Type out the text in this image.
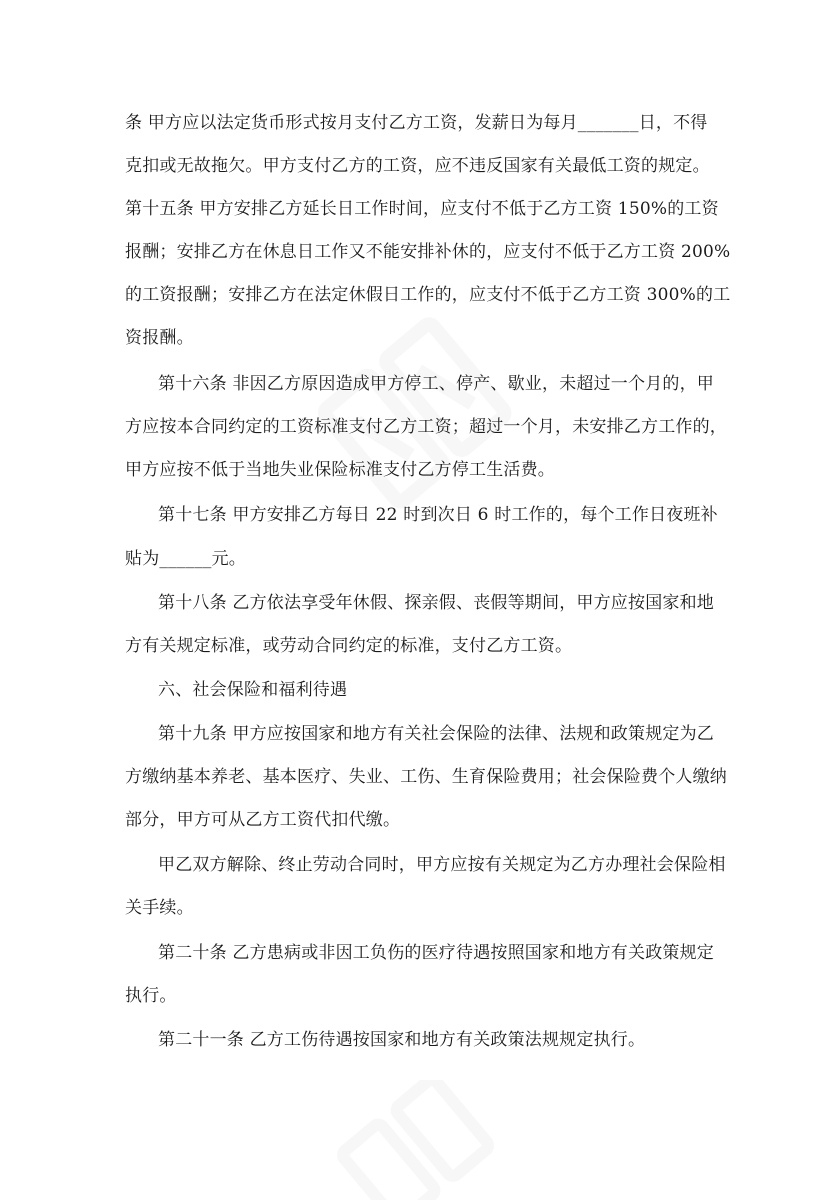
条 甲方应以法定货币形式按月支付乙方工资，发薪日为每月_______日，不得
克扣或无故拖欠。甲方支付乙方的工资，应不违反国家有关最低工资的规定。
第十五条 甲方安排乙方延长日工作时间，应支付不低于乙方工资 150%的工资
报酬；安排乙方在休息日工作又不能安排补休的，应支付不低于乙方工资 200%
的工资报酬；安排乙方在法定休假日工作的，应支付不低于乙方工资 300%的工
资报酬。
第十六条 非因乙方原因造成甲方停工、停产、歇业，未超过一个月的，甲
方应按本合同约定的工资标准支付乙方工资；超过一个月，未安排乙方工作的，
甲方应按不低于当地失业保险标准支付乙方停工生活费。
第十七条 甲方安排乙方每日 22 时到次日 6 时工作的，每个工作日夜班补
贴为______元。
第十八条 乙方依法享受年休假、探亲假、丧假等期间，甲方应按国家和地
方有关规定标准，或劳动合同约定的标准，支付乙方工资。
六、社会保险和福利待遇
第十九条 甲方应按国家和地方有关社会保险的法律、法规和政策规定为乙
方缴纳基本养老、基本医疗、失业、工伤、生育保险费用；社会保险费个人缴纳
部分，甲方可从乙方工资代扣代缴。
甲乙双方解除、终止劳动合同时，甲方应按有关规定为乙方办理社会保险相
关手续。
第二十条 乙方患病或非因工负伤的医疗待遇按照国家和地方有关政策规定
执行。
第二十一条 乙方工伤待遇按国家和地方有关政策法规规定执行。
